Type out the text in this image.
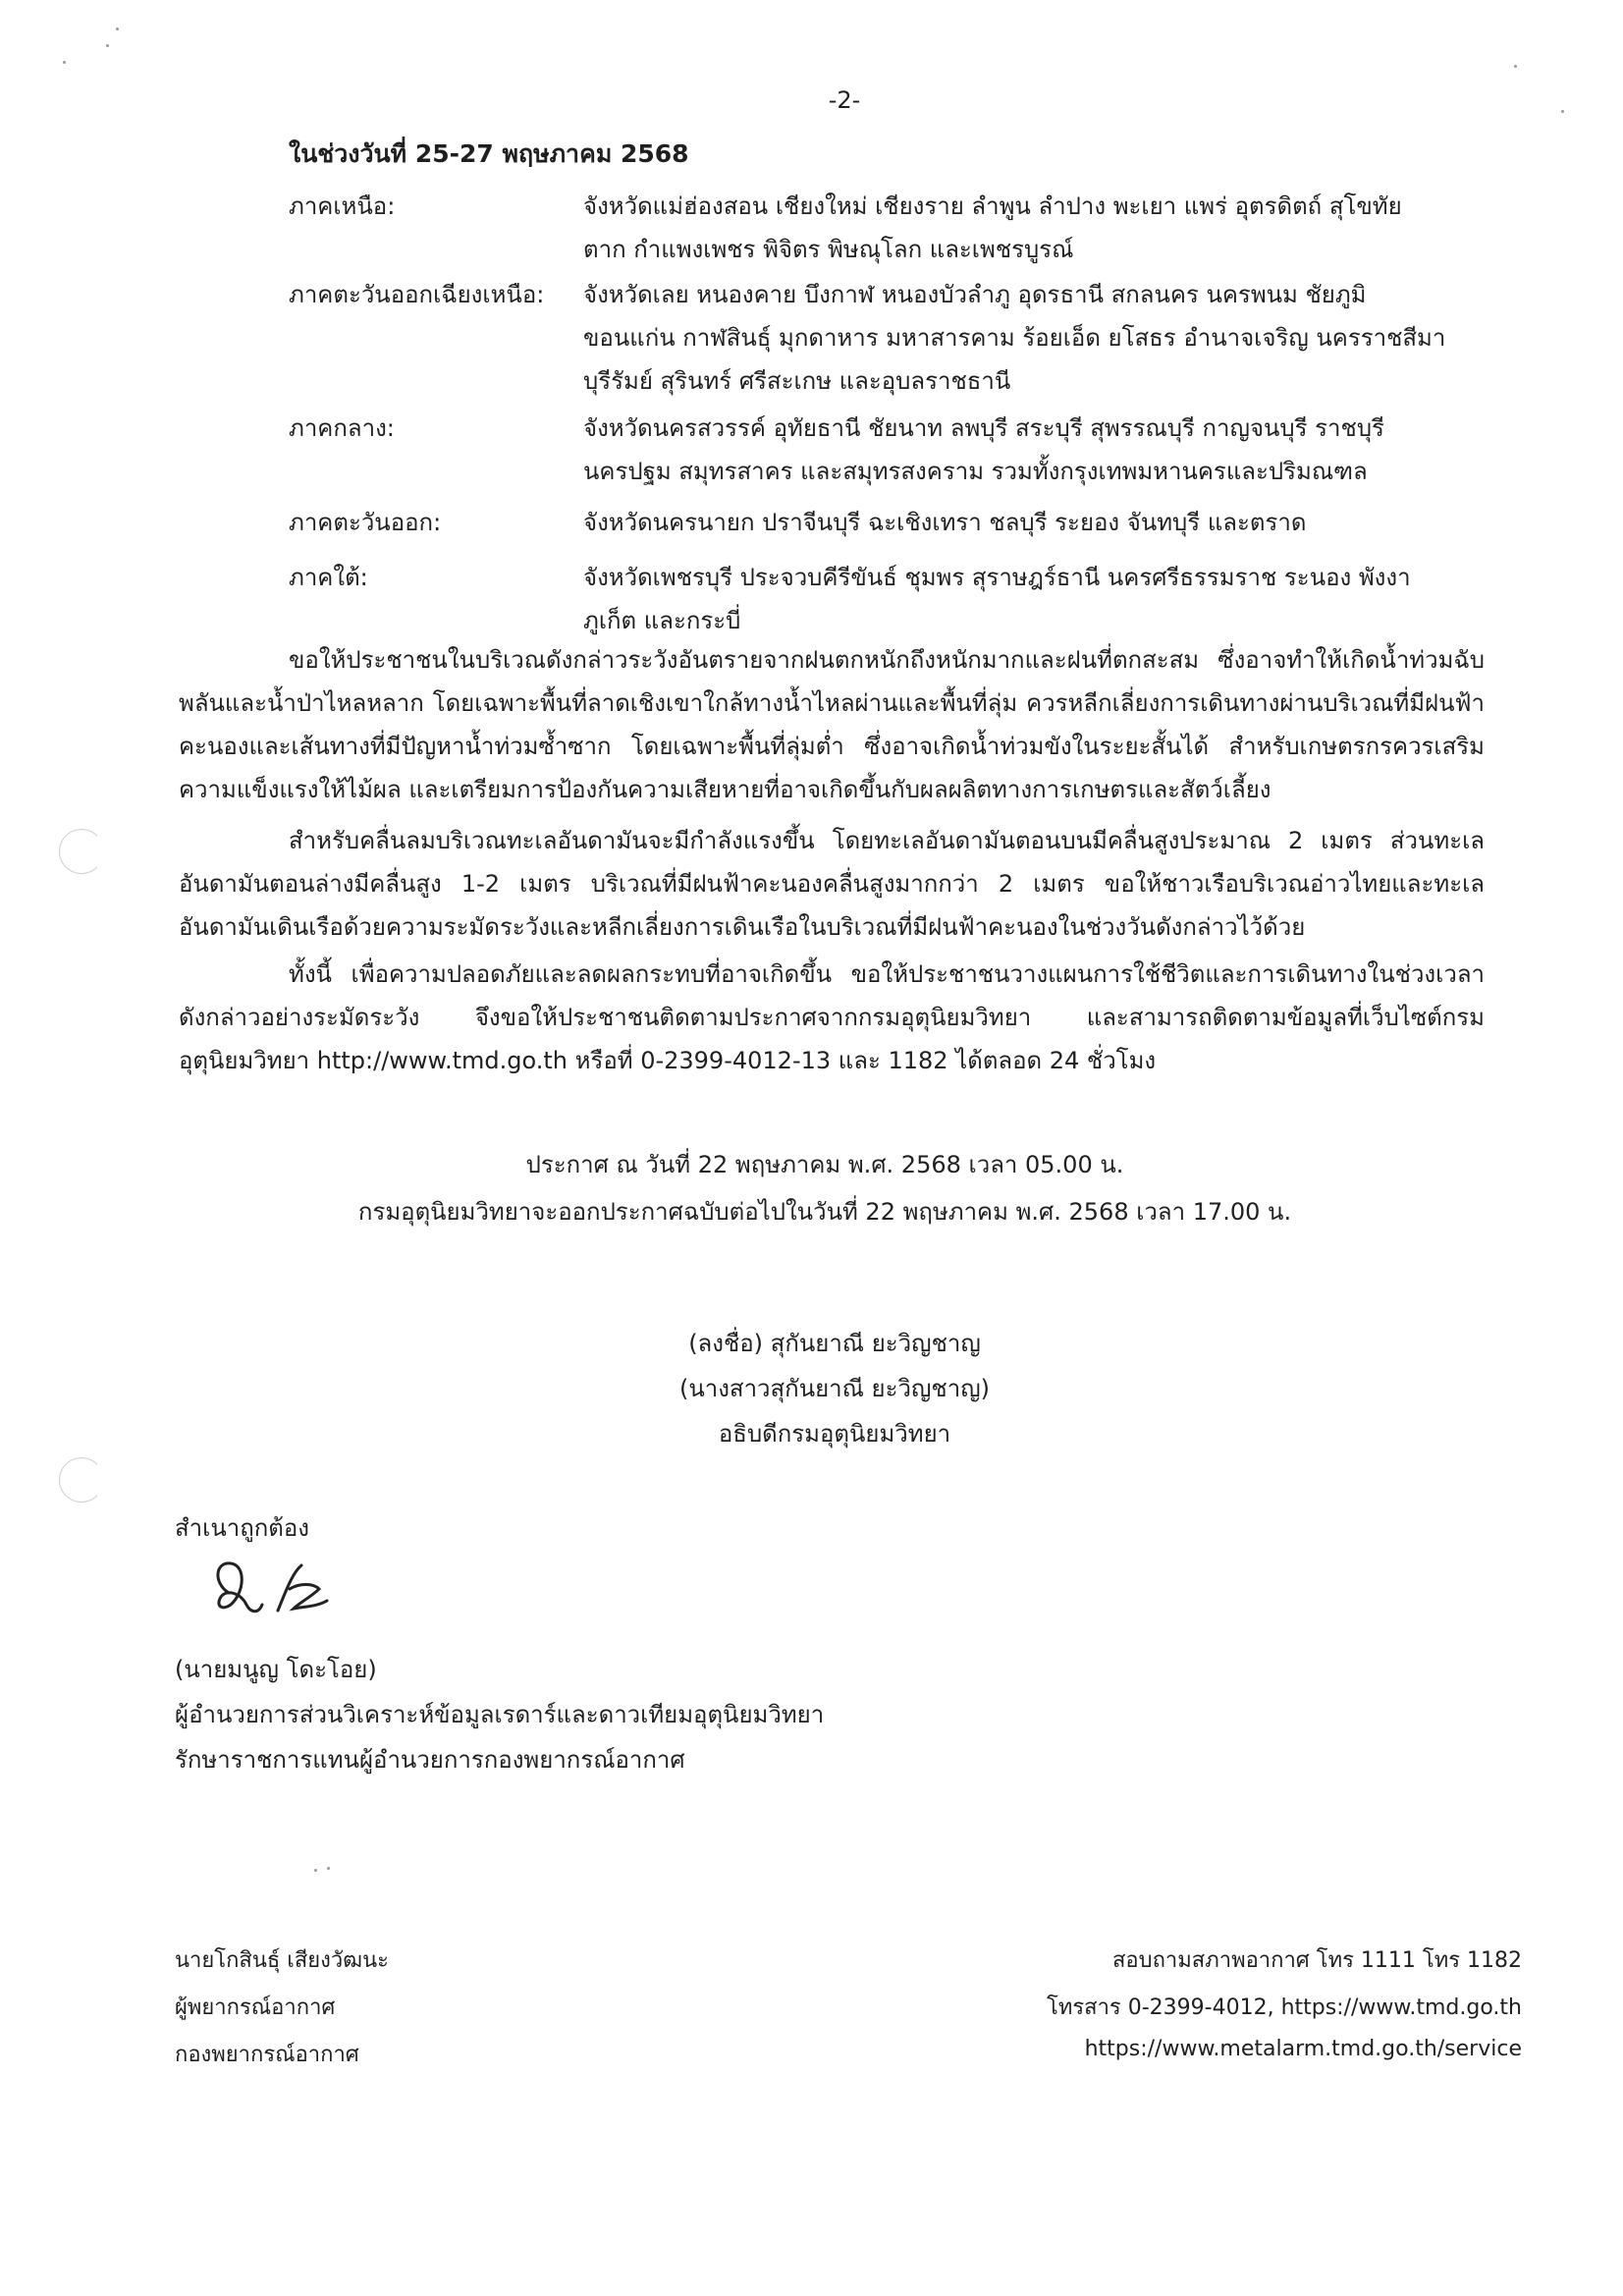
-2-
ในช่วงวันที่ 25-27 พฤษภาคม 2568
ภาคเหนือ:	จังหวัดแม่ฮ่องสอน เชียงใหม่ เชียงราย ลำพูน ลำปาง พะเยา แพร่ อุตรดิตถ์ สุโขทัย
ตาก กำแพงเพชร พิจิตร พิษณุโลก และเพชรบูรณ์
ภาคตะวันออกเฉียงเหนือ:	จังหวัดเลย หนองคาย บึงกาฬ หนองบัวลำภู อุดรธานี สกลนคร นครพนม ชัยภูมิ
ขอนแก่น กาฬสินธุ์ มุกดาหาร มหาสารคาม ร้อยเอ็ด ยโสธร อำนาจเจริญ นครราชสีมา
บุรีรัมย์ สุรินทร์ ศรีสะเกษ และอุบลราชธานี
ภาคกลาง:	จังหวัดนครสวรรค์ อุทัยธานี ชัยนาท ลพบุรี สระบุรี สุพรรณบุรี กาญจนบุรี ราชบุรี
นครปฐม สมุทรสาคร และสมุทรสงคราม รวมทั้งกรุงเทพมหานครและปริมณฑล
ภาคตะวันออก:	จังหวัดนครนายก ปราจีนบุรี ฉะเชิงเทรา ชลบุรี ระยอง จันทบุรี และตราด
ภาคใต้:	จังหวัดเพชรบุรี ประจวบคีรีขันธ์ ชุมพร สุราษฎร์ธานี นครศรีธรรมราช ระนอง พังงา
ภูเก็ต และกระบี่
ขอให้ประชาชนในบริเวณดังกล่าวระวังอันตรายจากฝนตกหนักถึงหนักมากและฝนที่ตกสะสม ซึ่งอาจทำให้เกิดน้ำท่วมฉับพลันและน้ำป่าไหลหลาก โดยเฉพาะพื้นที่ลาดเชิงเขาใกล้ทางน้ำไหลผ่านและพื้นที่ลุ่ม ควรหลีกเลี่ยงการเดินทางผ่านบริเวณที่มีฝนฟ้าคะนองและเส้นทางที่มีปัญหาน้ำท่วมซ้ำซาก โดยเฉพาะพื้นที่ลุ่มต่ำ ซึ่งอาจเกิดน้ำท่วมขังในระยะสั้นได้ สำหรับเกษตรกรควรเสริมความแข็งแรงให้ไม้ผล และเตรียมการป้องกันความเสียหายที่อาจเกิดขึ้นกับผลผลิตทางการเกษตรและสัตว์เลี้ยง
สำหรับคลื่นลมบริเวณทะเลอันดามันจะมีกำลังแรงขึ้น โดยทะเลอันดามันตอนบนมีคลื่นสูงประมาณ 2 เมตร ส่วนทะเลอันดามันตอนล่างมีคลื่นสูง 1-2 เมตร บริเวณที่มีฝนฟ้าคะนองคลื่นสูงมากกว่า 2 เมตร ขอให้ชาวเรือบริเวณอ่าวไทยและทะเลอันดามันเดินเรือด้วยความระมัดระวังและหลีกเลี่ยงการเดินเรือในบริเวณที่มีฝนฟ้าคะนองในช่วงวันดังกล่าวไว้ด้วย
ทั้งนี้ เพื่อความปลอดภัยและลดผลกระทบที่อาจเกิดขึ้น ขอให้ประชาชนวางแผนการใช้ชีวิตและการเดินทางในช่วงเวลาดังกล่าวอย่างระมัดระวัง จึงขอให้ประชาชนติดตามประกาศจากกรมอุตุนิยมวิทยา และสามารถติดตามข้อมูลที่เว็บไซต์กรมอุตุนิยมวิทยา http://www.tmd.go.th หรือที่ 0-2399-4012-13 และ 1182 ได้ตลอด 24 ชั่วโมง
ประกาศ ณ วันที่ 22 พฤษภาคม พ.ศ. 2568 เวลา 05.00 น.
กรมอุตุนิยมวิทยาจะออกประกาศฉบับต่อไปในวันที่ 22 พฤษภาคม พ.ศ. 2568 เวลา 17.00 น.
(ลงชื่อ) สุกันยาณี ยะวิญชาญ
(นางสาวสุกันยาณี ยะวิญชาญ)
อธิบดีกรมอุตุนิยมวิทยา
สำเนาถูกต้อง
(นายมนูญ โดะโอย)
ผู้อำนวยการส่วนวิเคราะห์ข้อมูลเรดาร์และดาวเทียมอุตุนิยมวิทยา
รักษาราชการแทนผู้อำนวยการกองพยากรณ์อากาศ
นายโกสินธุ์ เสียงวัฒนะ
ผู้พยากรณ์อากาศ
กองพยากรณ์อากาศ
สอบถามสภาพอากาศ โทร 1111 โทร 1182
โทรสาร 0-2399-4012, https://www.tmd.go.th
https://www.metalarm.tmd.go.th/service
